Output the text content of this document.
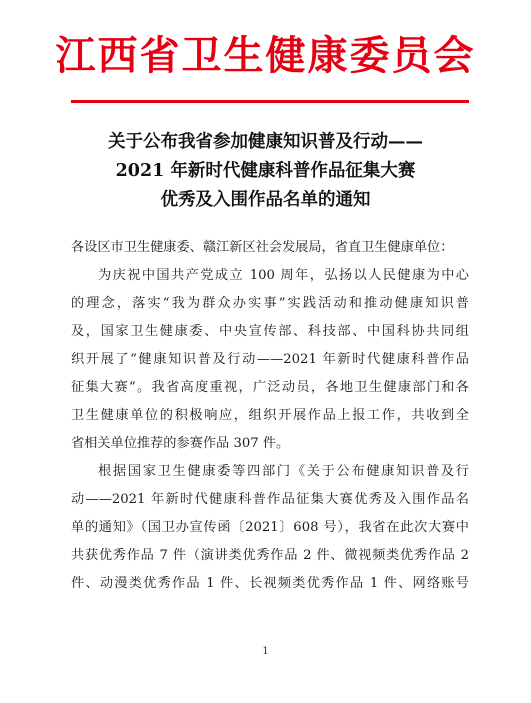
江西省卫生健康委员会
关于公布我省参加健康知识普及行动——
2021 年新时代健康科普作品征集大赛
优秀及入围作品名单的通知
各设区市卫生健康委、赣江新区社会发展局，省直卫生健康单位：
为庆祝中国共产党成立 100 周年，弘扬以人民健康为中心
的理念，落实“我为群众办实事”实践活动和推动健康知识普
及，国家卫生健康委、中央宣传部、科技部、中国科协共同组
织开展了“健康知识普及行动——2021 年新时代健康科普作品
征集大赛”。我省高度重视，广泛动员，各地卫生健康部门和各
卫生健康单位的积极响应，组织开展作品上报工作，共收到全
省相关单位推荐的参赛作品 307 件。
根据国家卫生健康委等四部门《关于公布健康知识普及行
动——2021 年新时代健康科普作品征集大赛优秀及入围作品名
单的通知》（国卫办宣传函〔2021〕608 号），我省在此次大赛中
共获优秀作品 7 件（演讲类优秀作品 2 件、微视频类优秀作品 2
件、动漫类优秀作品 1 件、长视频类优秀作品 1 件、网络账号
1
